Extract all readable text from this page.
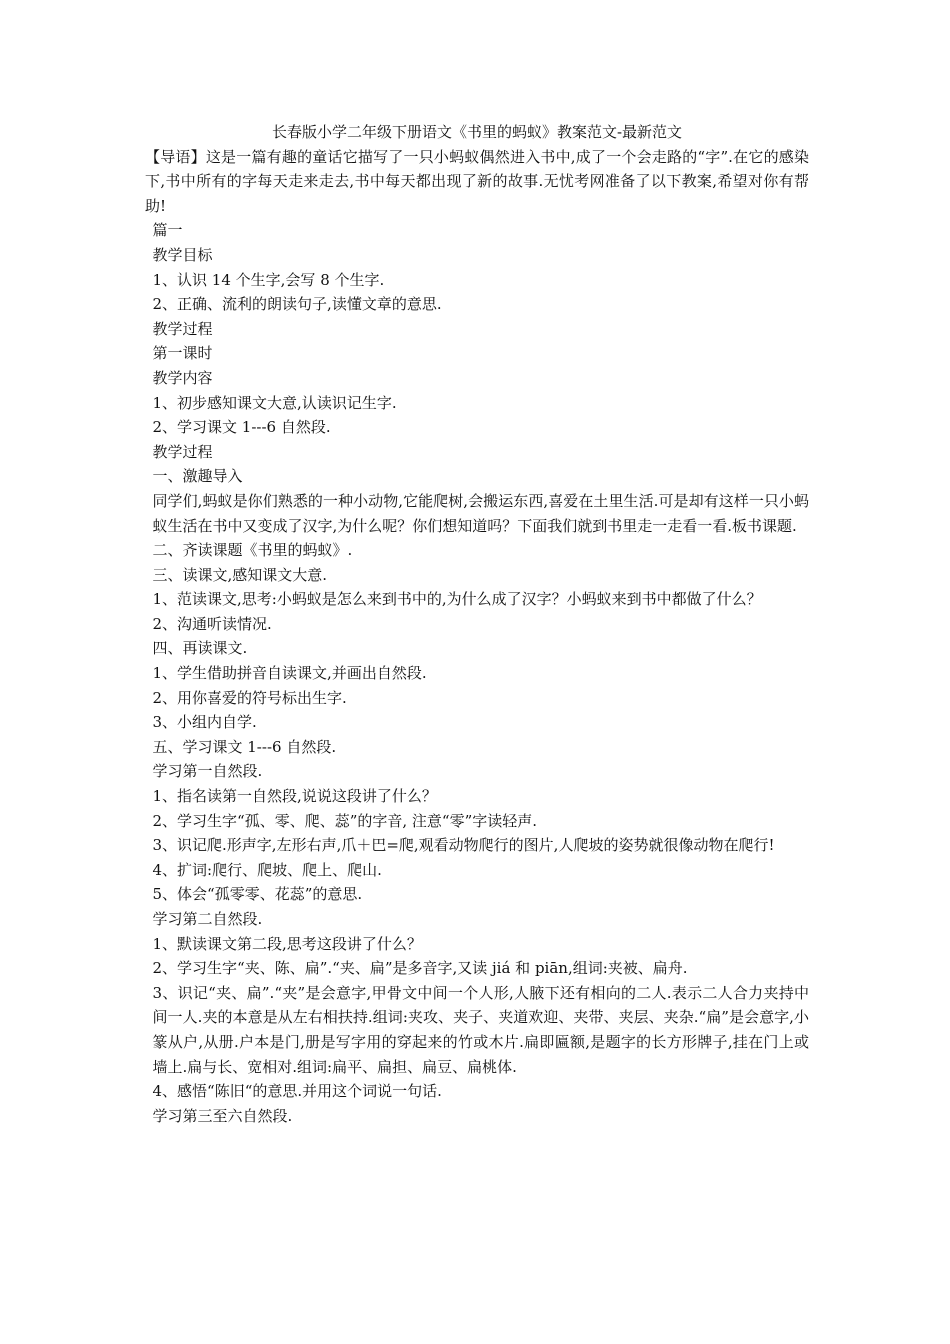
长春版小学二年级下册语文《书里的蚂蚁》教案范文-最新范文

【导语】这是一篇有趣的童话它描写了一只小蚂蚁偶然进入书中,成了一个会走路的“字”.在它的感染下,书中所有的字每天走来走去,书中每天都出现了新的故事.无忧考网准备了以下教案,希望对你有帮助!

篇一

教学目标

1、认识 14 个生字,会写 8 个生字.

2、正确、流利的朗读句子,读懂文章的意思.

教学过程

第一课时

教学内容

1、初步感知课文大意,认读识记生字.

2、学习课文 1---6 自然段.

教学过程

一、激趣导入

同学们,蚂蚁是你们熟悉的一种小动物,它能爬树,会搬运东西,喜爱在土里生活.可是却有这样一只小蚂蚁生活在书中又变成了汉字,为什么呢？你们想知道吗？下面我们就到书里走一走看一看.板书课题.

二、齐读课题《书里的蚂蚁》.

三、读课文,感知课文大意.

1、范读课文,思考:小蚂蚁是怎么来到书中的,为什么成了汉字？小蚂蚁来到书中都做了什么？

2、沟通听读情况.

四、再读课文.

1、学生借助拼音自读课文,并画出自然段.

2、用你喜爱的符号标出生字.

3、小组内自学.

五、学习课文 1---6 自然段.

学习第一自然段.

1、指名读第一自然段,说说这段讲了什么？

2、学习生字“孤、零、爬、蕊”的字音, 注意“零”字读轻声.

3、识记爬.形声字,左形右声,爪＋巴=爬,观看动物爬行的图片,人爬坡的姿势就很像动物在爬行!

4、扩词:爬行、爬坡、爬上、爬山.

5、体会“孤零零、花蕊”的意思.

学习第二自然段.

1、默读课文第二段,思考这段讲了什么？

2、学习生字“夹、陈、扁”.“夹、扁”是多音字,又读 jiá 和 piān,组词:夹被、扁舟.

3、识记“夹、扁”.“夹”是会意字,甲骨文中间一个人形,人腋下还有相向的二人.表示二人合力夹持中间一人.夹的本意是从左右相扶持.组词:夹攻、夹子、夹道欢迎、夹带、夹层、夹杂.“扁”是会意字,小篆从户,从册.户本是门,册是写字用的穿起来的竹或木片.扁即匾额,是题字的长方形牌子,挂在门上或墙上.扁与长、宽相对.组词:扁平、扁担、扁豆、扁桃体.

4、感悟“陈旧“的意思.并用这个词说一句话.

学习第三至六自然段.
